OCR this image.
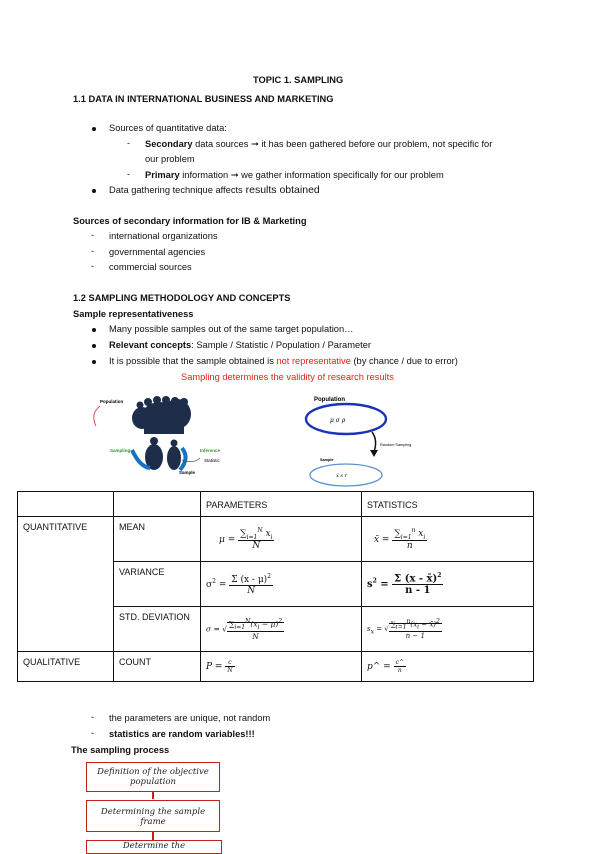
TOPIC 1. SAMPLING
1.1 DATA IN INTERNATIONAL BUSINESS AND MARKETING
Sources of quantitative data:
- Secondary data sources ➞ it has been gathered before our problem, not specific for
our problem
- Primary information ➞ we gather information specifically for our problem
Data gathering technique affects results obtained
Sources of secondary information for IB & Marketing
- international organizations
- governmental agencies
- commercial sources
1.2 SAMPLING METHODOLOGY AND CONCEPTS
Sample representativeness
Many possible samples out of the same target population…
Relevant concepts: Sample / Statistic / Population / Parameter
It is possible that the sample obtained is not representative (by chance / due to error)
Sampling determines the validity of research results
Population
Sampling	Inference
Statistic
Sample
Population
μ σ ρ
Random Sampling
Sample
x̄ s r
		PARAMETERS	STATISTICS
QUANTITATIVE	MEAN	$\mu = \frac{\sum_{i=1}^N x_i}{N}$	x̄ = $\frac{\sum_{i=1}^n x_i}{n}$

	VARIANCE	$\sigma^2 = \frac{\Sigma (x - \mu)^2}{N}$	$s^2 = \frac{\Sigma (x - x̄)^2}{n - 1}$

	STD. DEVIATION	σ = √ $\frac{\sum_{i=1}^N(x_i - \mu)^2}{N}$	$s_x$ = √ $\frac{\sum_{i=1}^n(x_i - x̄)^2}{n - 1}$

QUALITATIVE	COUNT	$P = \frac{c}{N}$	p^ = $\frac{c\^{}}{n}$
- the parameters are unique, not random
- statistics are random variables!!!
The sampling process
Definition of the objective population
Determining the sample frame
Determine the
